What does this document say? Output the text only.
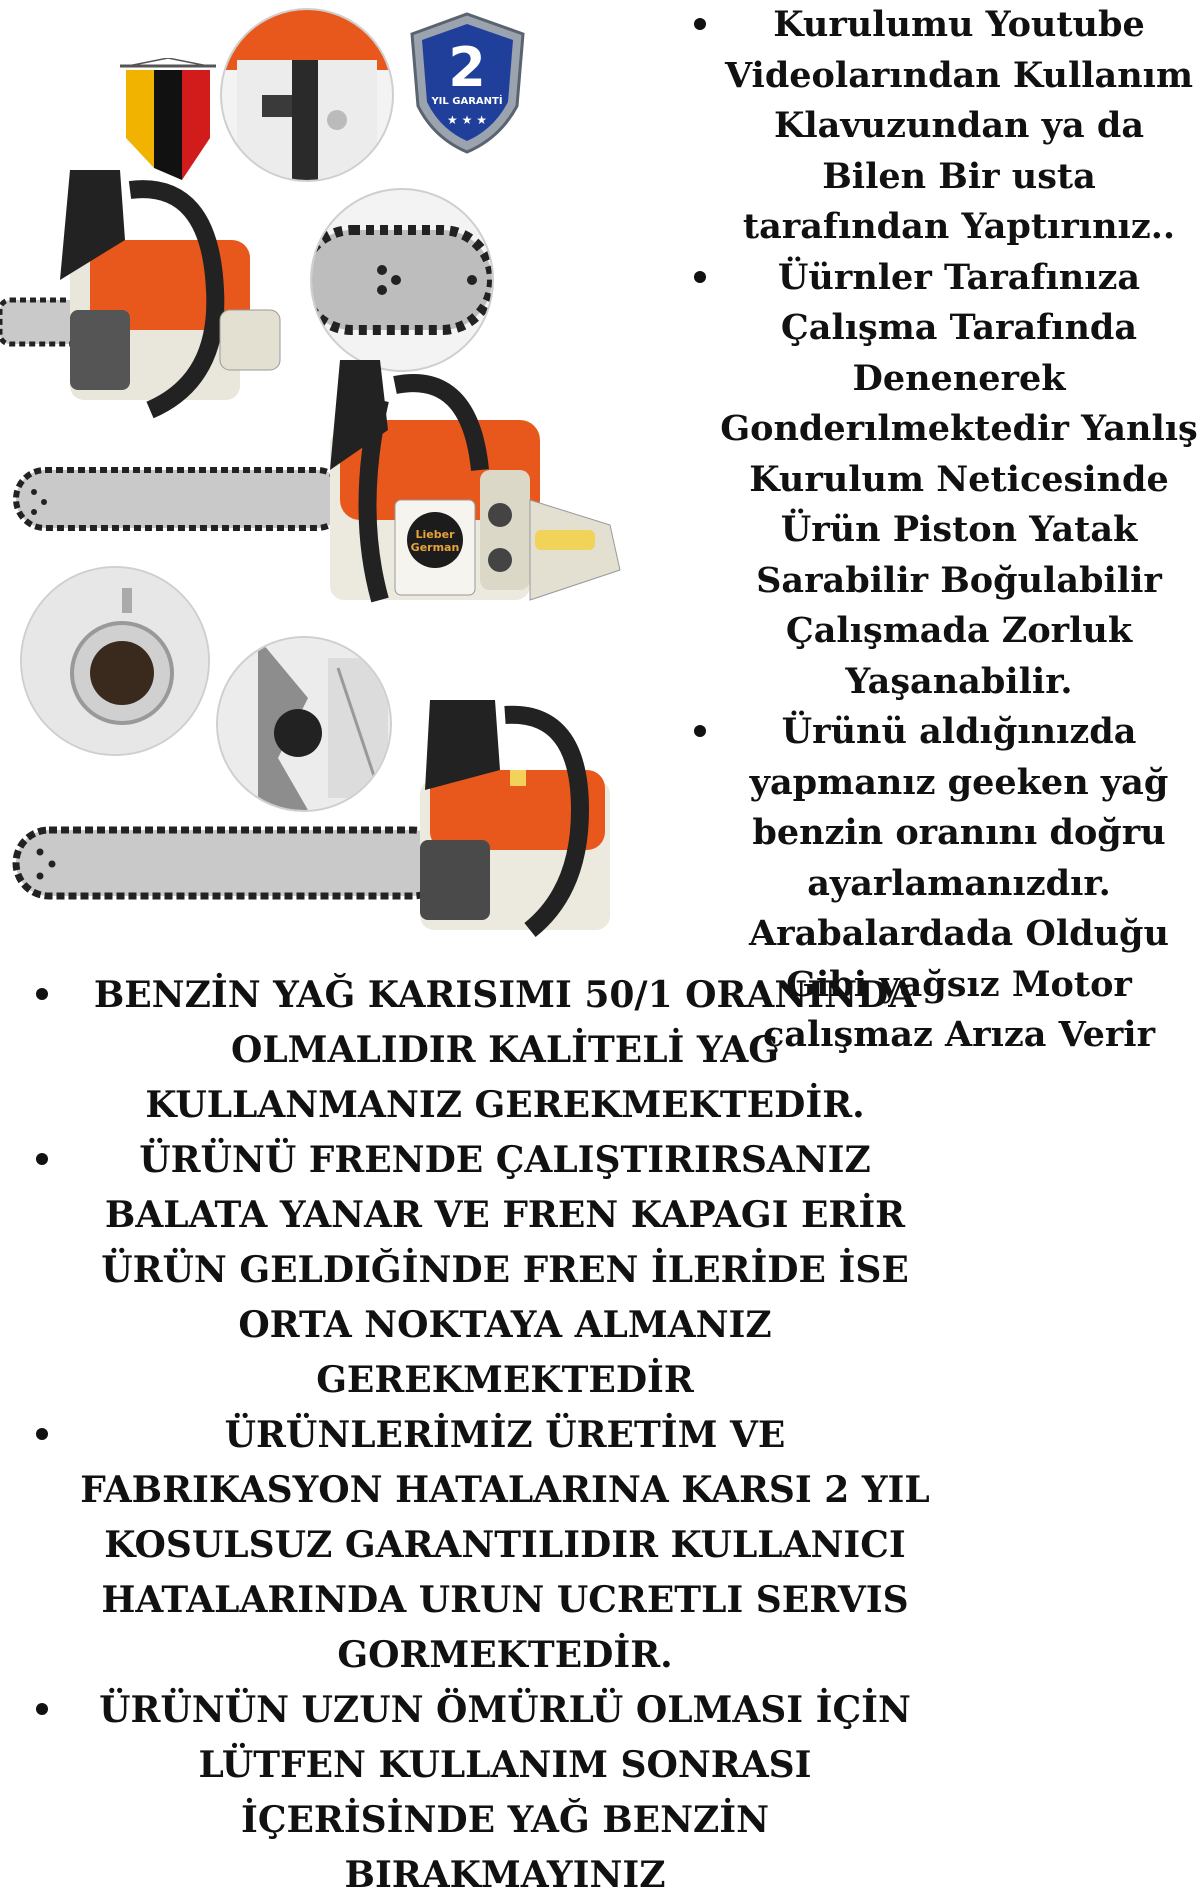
2
YIL GARANTİ
★ ★ ★
Lieber
German
Kurulumu Youtube Videolarından Kullanım Klavuzundan ya da Bilen Bir usta tarafından Yaptırınız..
Üürnler Tarafınıza Çalışma Tarafında Denenerek Gonderılmektedir Yanlış Kurulum Neticesinde Ürün Piston Yatak Sarabilir Boğulabilir Çalışmada Zorluk Yaşanabilir.
Ürünü aldığınızda yapmanız geeken yağ benzin oranını doğru ayarlamanızdır. Arabalardada Olduğu Gibi yağsız Motor çalışmaz Arıza Verir
BENZİN YAĞ KARISIMI 50/1 ORANINDA OLMALIDIR KALİTELİ YAG KULLANMANIZ GEREKMEKTEDİR.
ÜRÜNÜ FRENDE ÇALIŞTIRIRSANIZ BALATA YANAR VE FREN KAPAGI ERİR ÜRÜN GELDIĞİNDE FREN İLERİDE İSE ORTA NOKTAYA ALMANIZ GEREKMEKTEDİR
ÜRÜNLERİMİZ ÜRETİM VE FABRIKASYON HATALARINA KARSI 2 YIL KOSULSUZ GARANTILIDIR KULLANICI HATALARINDA URUN UCRETLI SERVIS GORMEKTEDİR.
ÜRÜNÜN UZUN ÖMÜRLÜ OLMASI İÇİN LÜTFEN KULLANIM SONRASI İÇERİSİNDE YAĞ BENZİN BIRAKMAYINIZ
